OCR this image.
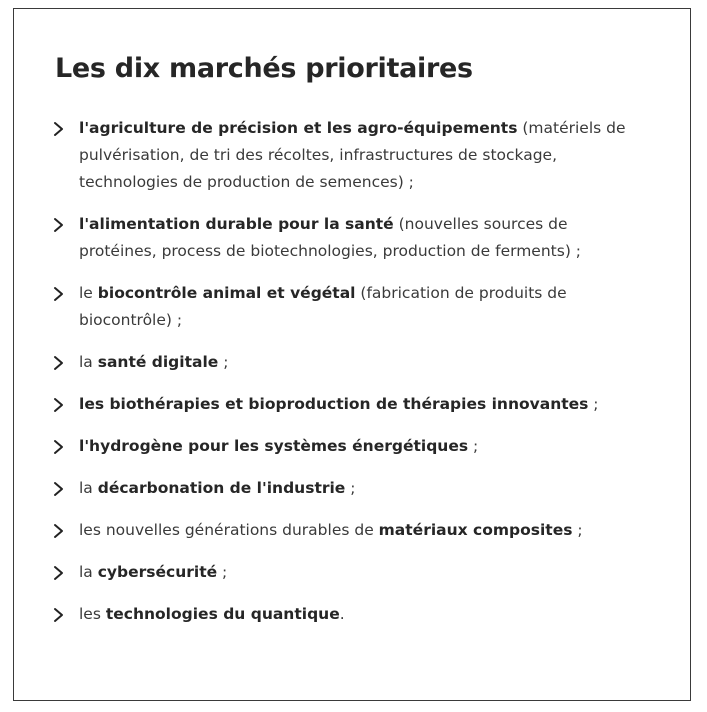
Les dix marchés prioritaires
l'agriculture de précision et les agro-équipements (matériels de pulvérisation, de tri des récoltes, infrastructures de stockage, technologies de production de semences) ;
l'alimentation durable pour la santé (nouvelles sources de protéines, process de biotechnologies, production de ferments) ;
le biocontrôle animal et végétal (fabrication de produits de biocontrôle) ;
la santé digitale ;
les biothérapies et bioproduction de thérapies innovantes ;
l'hydrogène pour les systèmes énergétiques ;
la décarbonation de l'industrie ;
les nouvelles générations durables de matériaux composites ;
la cybersécurité ;
les technologies du quantique.
